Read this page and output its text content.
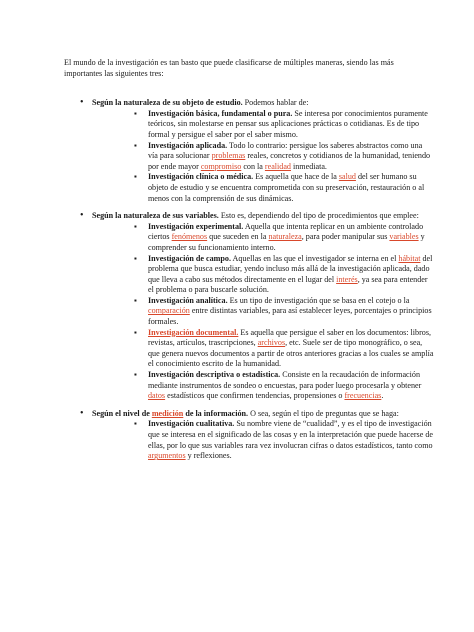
El mundo de la investigación es tan basto que puede clasificarse de múltiples maneras, siendo las más importantes las siguientes tres:

• Según la naturaleza de su objeto de estudio. Podemos hablar de:
▪ Investigación básica, fundamental o pura. Se interesa por conocimientos puramente teóricos, sin molestarse en pensar sus aplicaciones prácticas o cotidianas. Es de tipo formal y persigue el saber por el saber mismo.
▪ Investigación aplicada. Todo lo contrario: persigue los saberes abstractos como una vía para solucionar problemas reales, concretos y cotidianos de la humanidad, teniendo por ende mayor compromiso con la realidad inmediata.
▪ Investigación clínica o médica. Es aquella que hace de la salud del ser humano su objeto de estudio y se encuentra comprometida con su preservación, restauración o al menos con la comprensión de sus dinámicas.
• Según la naturaleza de sus variables. Esto es, dependiendo del tipo de procedimientos que emplee:
▪ Investigación experimental. Aquella que intenta replicar en un ambiente controlado ciertos fenómenos que suceden en la naturaleza, para poder manipular sus variables y comprender su funcionamiento interno.
▪ Investigación de campo. Aquellas en las que el investigador se interna en el hábitat del problema que busca estudiar, yendo incluso más allá de la investigación aplicada, dado que lleva a cabo sus métodos directamente en el lugar del interés, ya sea para entender el problema o para buscarle solución.
▪ Investigación analítica. Es un tipo de investigación que se basa en el cotejo o la comparación entre distintas variables, para así establecer leyes, porcentajes o principios formales.
▪ Investigación documental. Es aquella que persigue el saber en los documentos: libros, revistas, artículos, trascripciones, archivos, etc. Suele ser de tipo monográfico, o sea, que genera nuevos documentos a partir de otros anteriores gracias a los cuales se amplía el conocimiento escrito de la humanidad.
▪ Investigación descriptiva o estadística. Consiste en la recaudación de información mediante instrumentos de sondeo o encuestas, para poder luego procesarla y obtener datos estadísticos que confirmen tendencias, propensiones o frecuencias.
• Según el nivel de medición de la información. O sea, según el tipo de preguntas que se haga:
▪ Investigación cualitativa. Su nombre viene de “cualidad”, y es el tipo de investigación que se interesa en el significado de las cosas y en la interpretación que puede hacerse de ellas, por lo que sus variables rara vez involucran cifras o datos estadísticos, tanto como argumentos y reflexiones.
